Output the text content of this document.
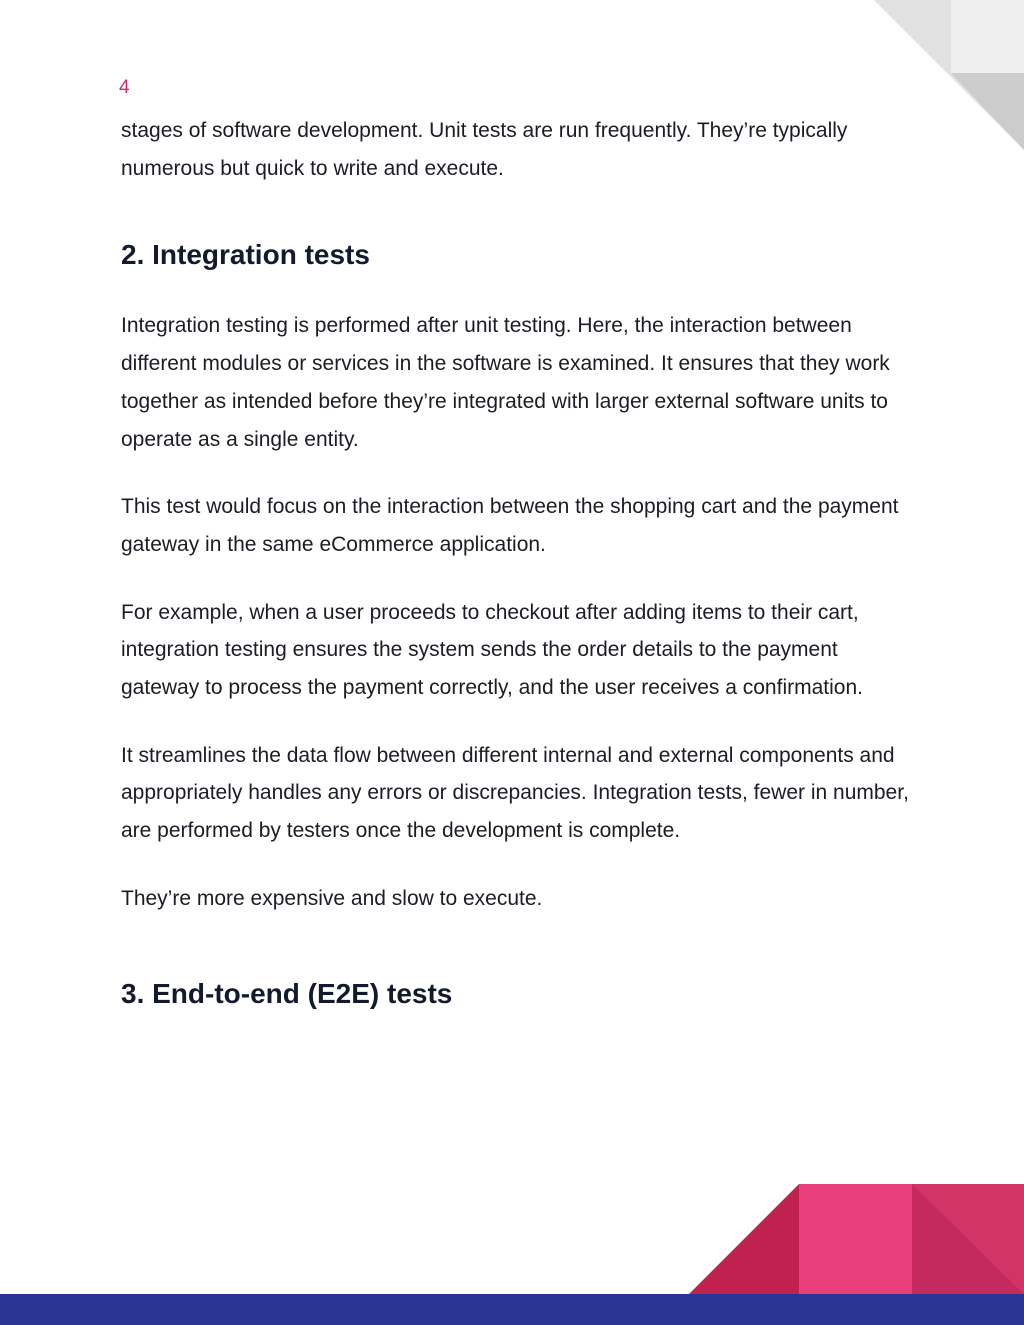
4

stages of software development. Unit tests are run frequently. They’re typically numerous but quick to write and execute.

2. Integration tests

Integration testing is performed after unit testing. Here, the interaction between different modules or services in the software is examined. It ensures that they work together as intended before they’re integrated with larger external software units to operate as a single entity.

This test would focus on the interaction between the shopping cart and the payment gateway in the same eCommerce application.

For example, when a user proceeds to checkout after adding items to their cart, integration testing ensures the system sends the order details to the payment gateway to process the payment correctly, and the user receives a confirmation.

It streamlines the data flow between different internal and external components and appropriately handles any errors or discrepancies. Integration tests, fewer in number, are performed by testers once the development is complete.

They’re more expensive and slow to execute.

3. End-to-end (E2E) tests
